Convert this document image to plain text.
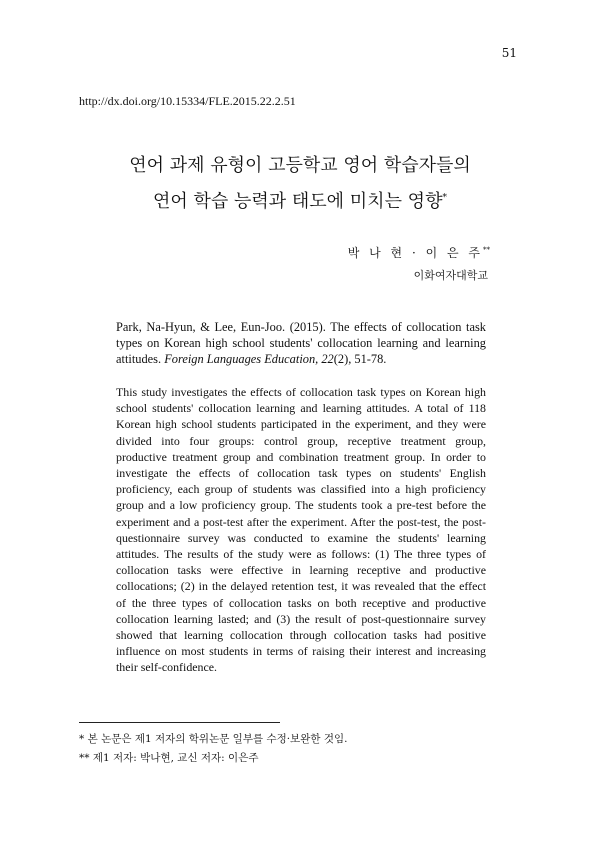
51
http://dx.doi.org/10.15334/FLE.2015.22.2.51
연어 과제 유형이 고등학교 영어 학습자들의
연어 학습 능력과 태도에 미치는 영향*
박 나 현 · 이 은 주**
이화여자대학교
Park, Na-Hyun, & Lee, Eun-Joo. (2015). The effects of collocation task types on Korean high school students' collocation learning and learning attitudes. Foreign Languages Education, 22(2), 51-78.
This study investigates the effects of collocation task types on Korean high school students' collocation learning and learning attitudes. A total of 118 Korean high school students participated in the experiment, and they were divided into four groups: control group, receptive treatment group, productive treatment group and combination treatment group. In order to investigate the effects of collocation task types on students' English proficiency, each group of students was classified into a high proficiency group and a low proficiency group. The students took a pre-test before the experiment and a post-test after the experiment. After the post-test, the post-questionnaire survey was conducted to examine the students' learning attitudes. The results of the study were as follows: (1) The three types of collocation tasks were effective in learning receptive and productive collocations; (2) in the delayed retention test, it was revealed that the effect of the three types of collocation tasks on both receptive and productive collocation learning lasted; and (3) the result of post-questionnaire survey showed that learning collocation through collocation tasks had positive influence on most students in terms of raising their interest and increasing their self-confidence.
* 본 논문은 제1 저자의 학위논문 일부를 수정·보완한 것임.
** 제1 저자: 박나현, 교신 저자: 이은주
